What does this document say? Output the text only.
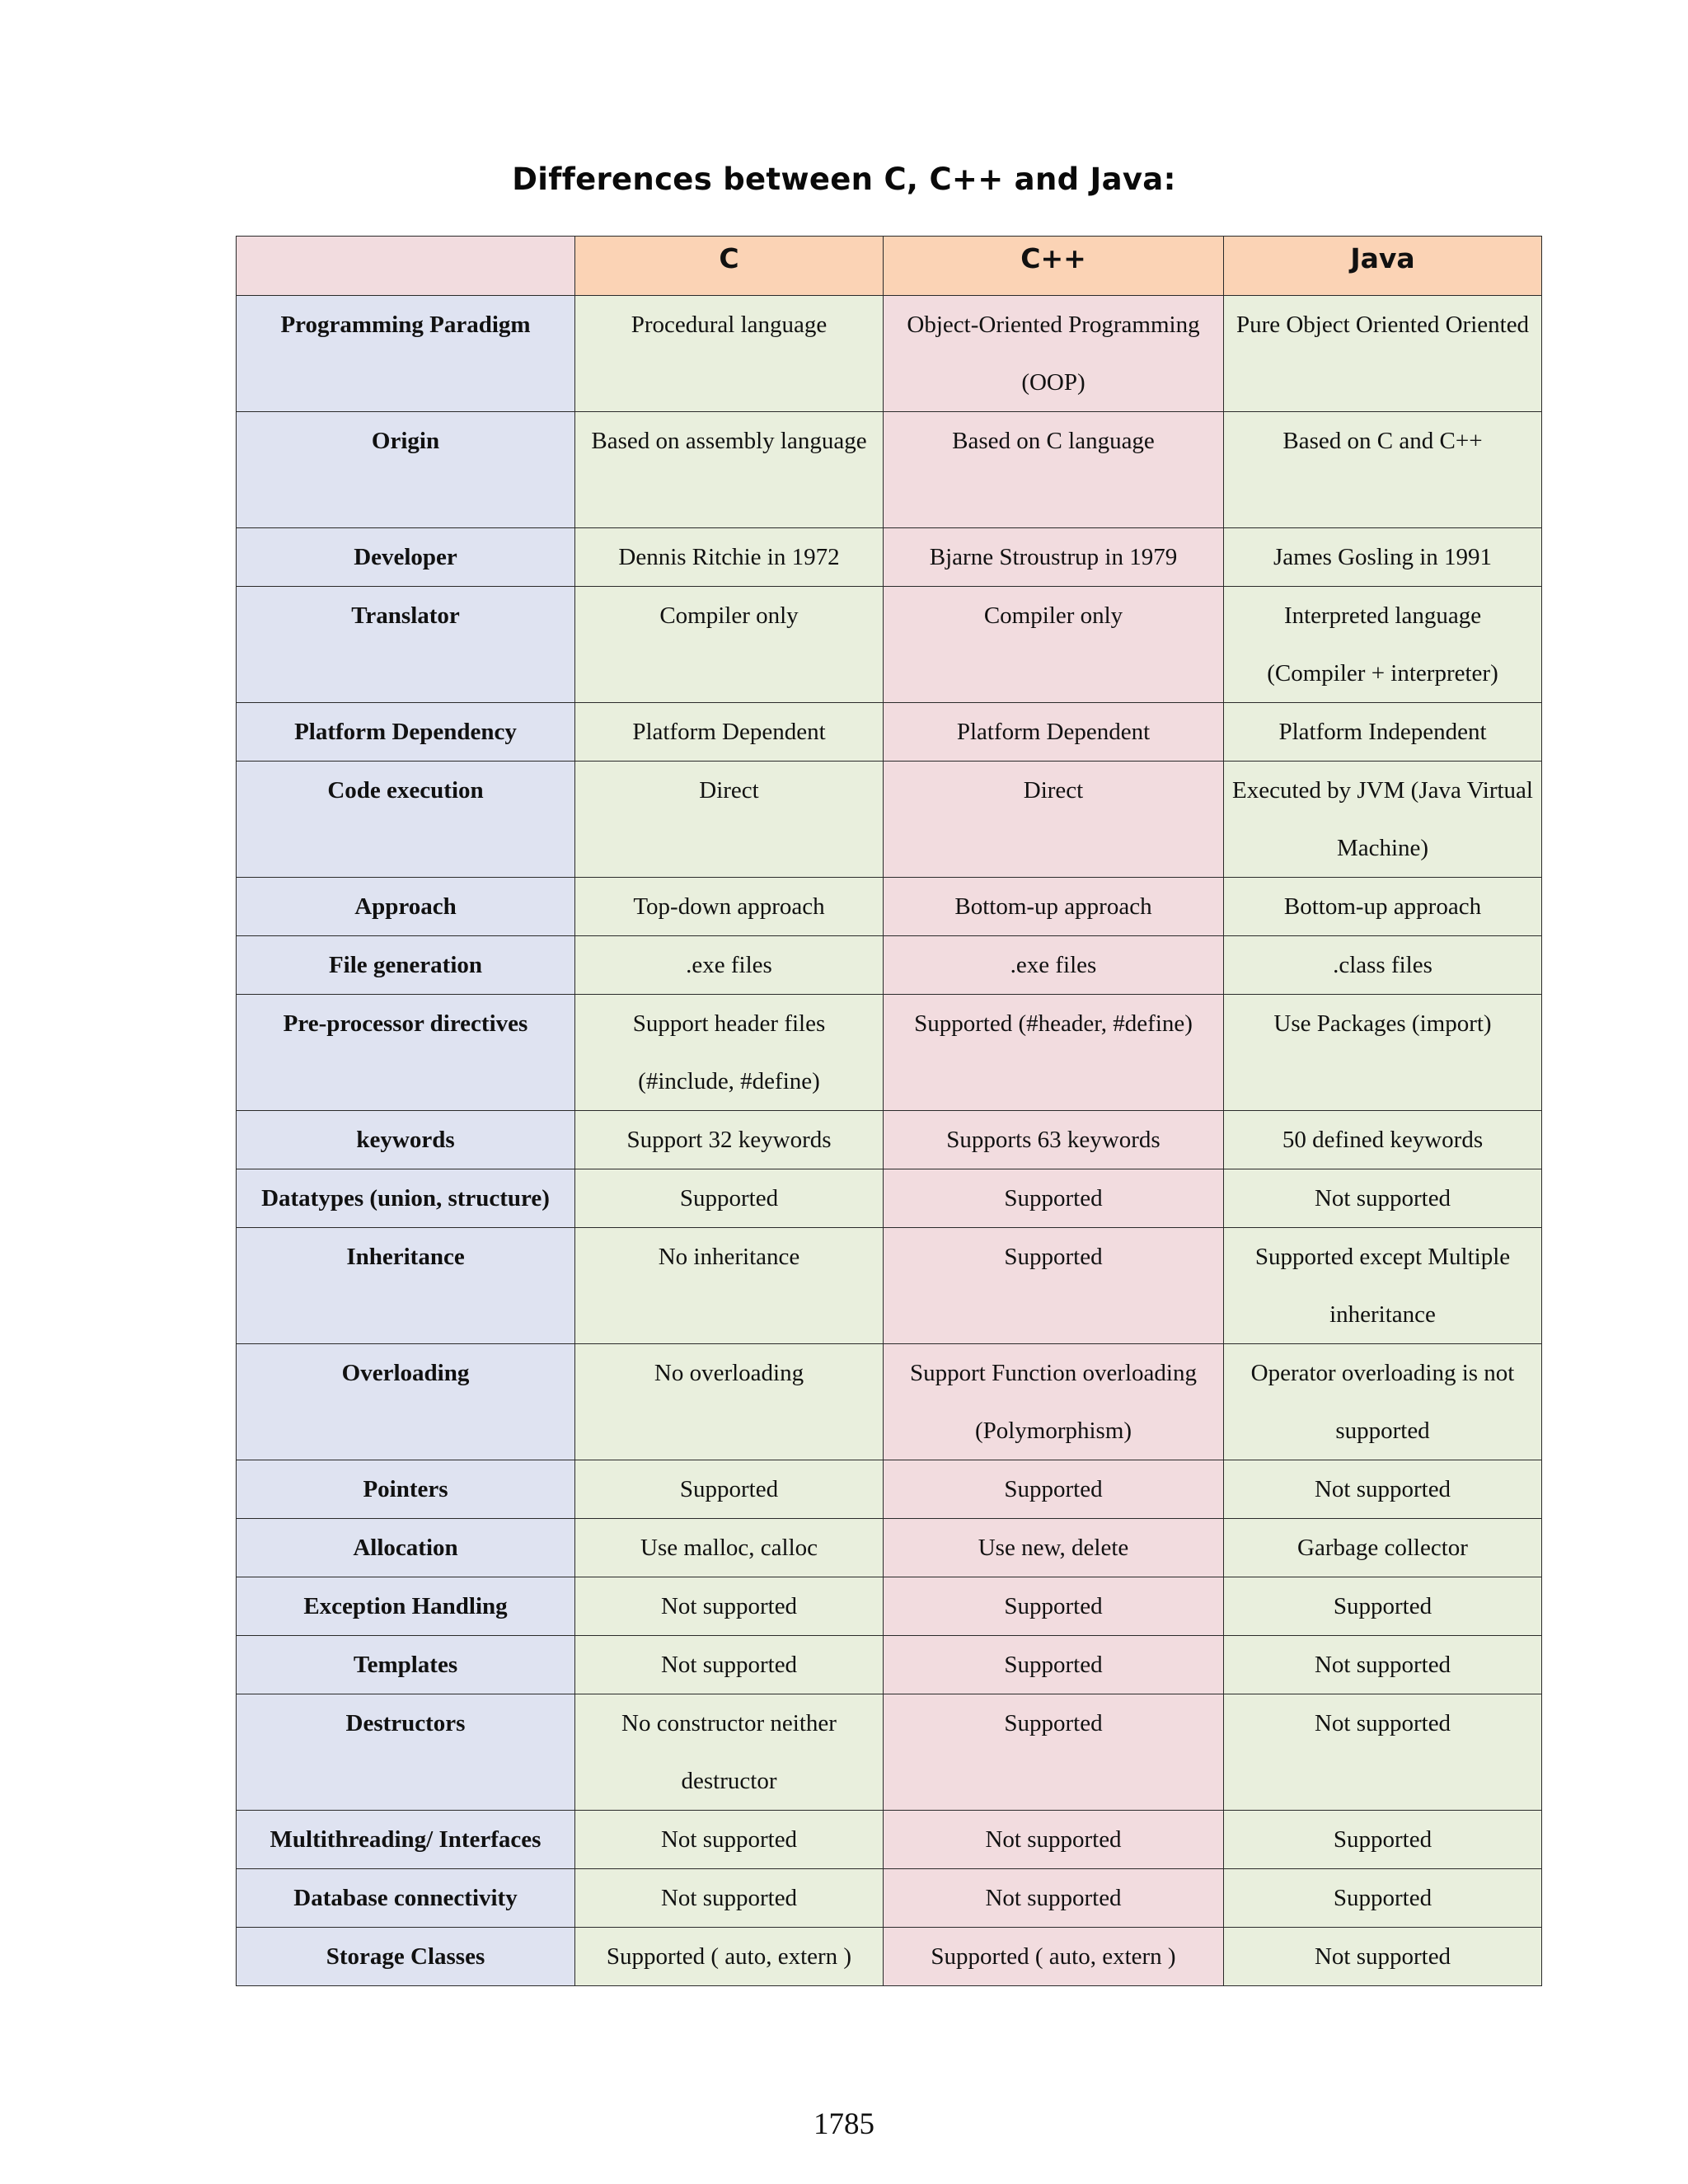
Differences between C, C++ and Java:
	C	C++	Java
Programming Paradigm	Procedural language	Object-Oriented Programming (OOP)	Pure Object Oriented Oriented
Origin	Based on assembly language	Based on C language	Based on C and C++
Developer	Dennis Ritchie in 1972	Bjarne Stroustrup in 1979	James Gosling in 1991
Translator	Compiler only	Compiler only	Interpreted language (Compiler + interpreter)
Platform Dependency	Platform Dependent	Platform Dependent	Platform Independent
Code execution	Direct	Direct	Executed by JVM (Java Virtual Machine)
Approach	Top-down approach	Bottom-up approach	Bottom-up approach
File generation	.exe files	.exe files	.class files
Pre-processor directives	Support header files (#include, #define)	Supported (#header, #define)	Use Packages (import)
keywords	Support 32 keywords	Supports 63 keywords	50 defined keywords
Datatypes (union, structure)	Supported	Supported	Not supported
Inheritance	No inheritance	Supported	Supported except Multiple inheritance
Overloading	No overloading	Support Function overloading (Polymorphism)	Operator overloading is not supported
Pointers	Supported	Supported	Not supported
Allocation	Use malloc, calloc	Use new, delete	Garbage collector
Exception Handling	Not supported	Supported	Supported
Templates	Not supported	Supported	Not supported
Destructors	No constructor neither destructor	Supported	Not supported
Multithreading/ Interfaces	Not supported	Not supported	Supported
Database connectivity	Not supported	Not supported	Supported
Storage Classes	Supported ( auto, extern )	Supported ( auto, extern )	Not supported
1785
